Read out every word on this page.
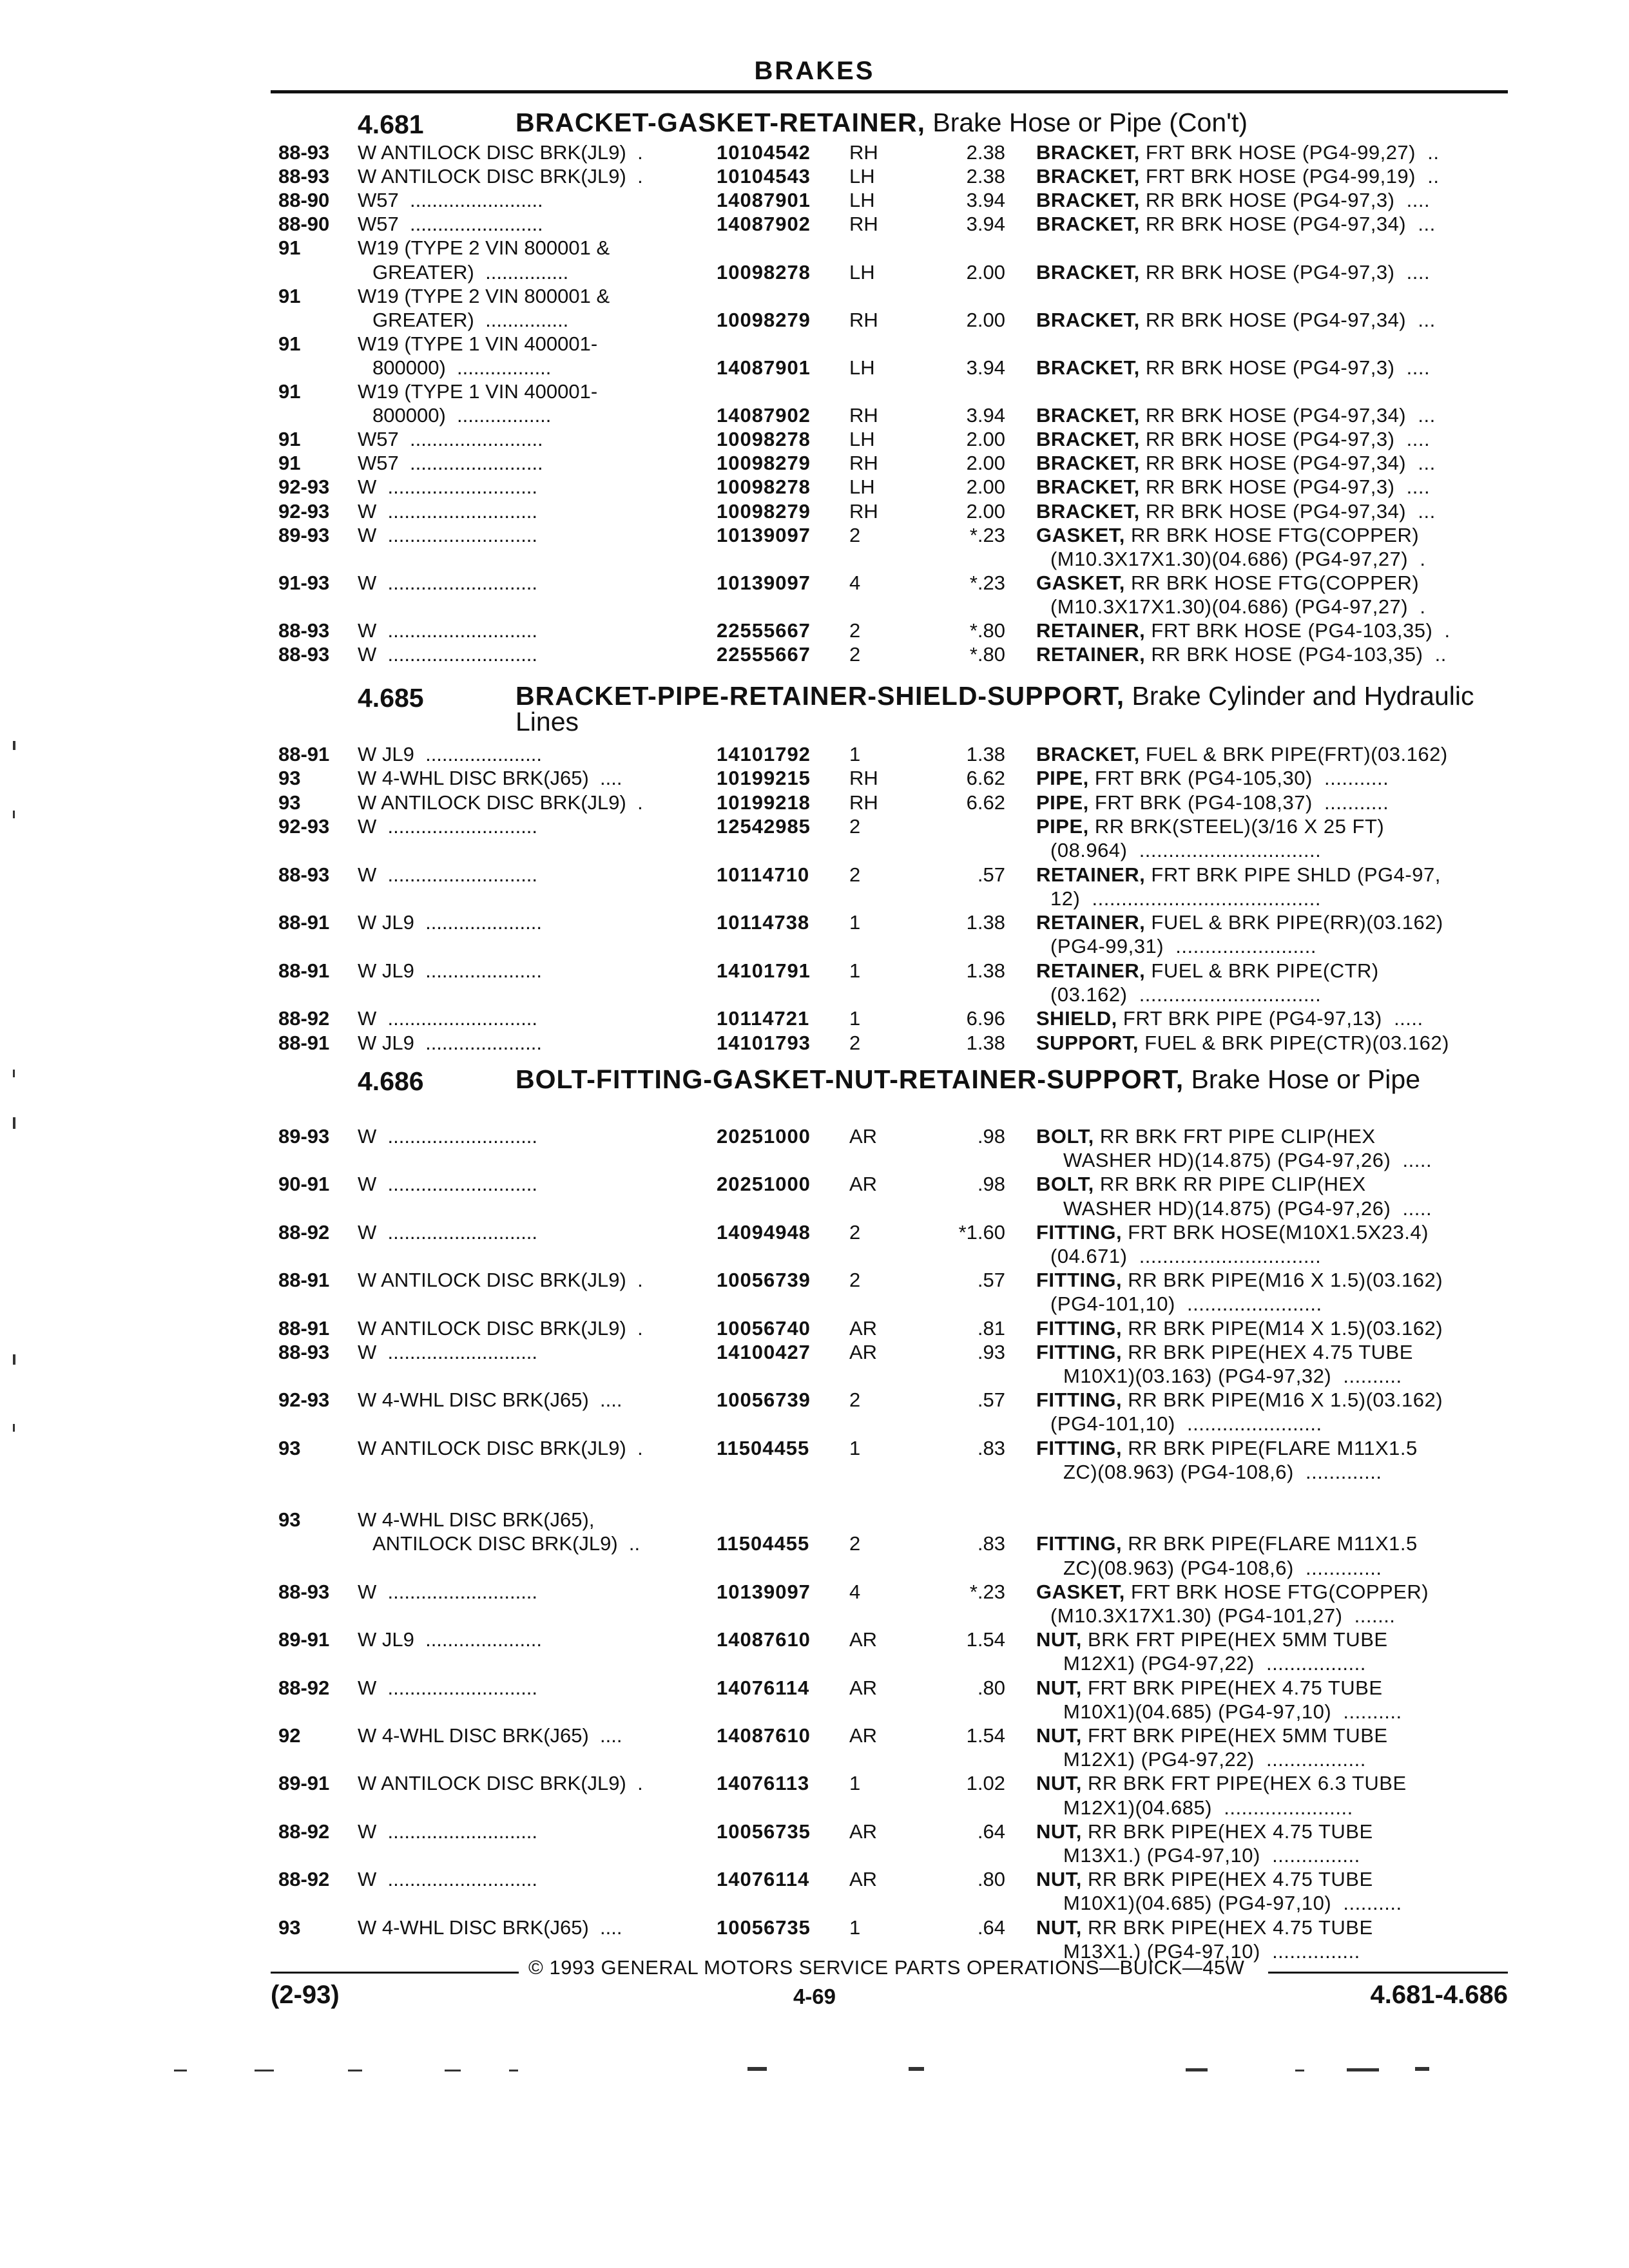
BRAKES
4.681	BRACKET-GASKET-RETAINER, Brake Hose or Pipe (Con't)
88-93 W ANTILOCK DISC BRK(JL9)  .	10104542 RH	2.38 BRACKET, FRT BRK HOSE (PG4-99,27)  ..
88-93 W ANTILOCK DISC BRK(JL9)  .	10104543 LH	2.38 BRACKET, FRT BRK HOSE (PG4-99,19)  ..
88-90 W57  ........................	14087901 LH	3.94 BRACKET, RR BRK HOSE (PG4-97,3)  ....
88-90 W57  ........................	14087902 RH	3.94 BRACKET, RR BRK HOSE (PG4-97,34)  ...
91	W19 (TYPE 2 VIN 800001 &
GREATER)  ...............	10098278 LH	2.00 BRACKET, RR BRK HOSE (PG4-97,3)  ....
91	W19 (TYPE 2 VIN 800001 &
GREATER)  ...............	10098279 RH	2.00 BRACKET, RR BRK HOSE (PG4-97,34)  ...
91	W19 (TYPE 1 VIN 400001-
800000)  .................	14087901 LH	3.94 BRACKET, RR BRK HOSE (PG4-97,3)  ....
91	W19 (TYPE 1 VIN 400001-
800000)  .................	14087902 RH	3.94 BRACKET, RR BRK HOSE (PG4-97,34)  ...
91	W57  ........................	10098278 LH	2.00 BRACKET, RR BRK HOSE (PG4-97,3)  ....
91	W57  ........................	10098279 RH	2.00 BRACKET, RR BRK HOSE (PG4-97,34)  ...
92-93 W  ...........................	10098278 LH	2.00 BRACKET, RR BRK HOSE (PG4-97,3)  ....
92-93 W  ...........................	10098279 RH	2.00 BRACKET, RR BRK HOSE (PG4-97,34)  ...
89-93 W  ...........................	10139097 2	*.23 GASKET, RR BRK HOSE FTG(COPPER)
(M10.3X17X1.30)(04.686) (PG4-97,27)  .
91-93 W  ...........................	10139097 4	*.23 GASKET, RR BRK HOSE FTG(COPPER)
(M10.3X17X1.30)(04.686) (PG4-97,27)  .
88-93 W  ...........................	22555667 2	*.80 RETAINER, FRT BRK HOSE (PG4-103,35)  .
88-93 W  ...........................	22555667 2	*.80 RETAINER, RR BRK HOSE (PG4-103,35)  ..
4.685	BRACKET-PIPE-RETAINER-SHIELD-SUPPORT, Brake Cylinder and Hydraulic Lines
88-91 W JL9  .....................	14101792 1	1.38 BRACKET, FUEL & BRK PIPE(FRT)(03.162)
93	W 4-WHL DISC BRK(J65)  ....	10199215 RH	6.62 PIPE, FRT BRK (PG4-105,30)  ...........
93	W ANTILOCK DISC BRK(JL9)  .	10199218 RH	6.62 PIPE, FRT BRK (PG4-108,37)  ...........
92-93 W  ...........................	12542985 2	PIPE, RR BRK(STEEL)(3/16 X 25 FT)
(08.964)  ...............................
88-93 W  ...........................	10114710 2	.57 RETAINER, FRT BRK PIPE SHLD (PG4-97,
12)  .......................................
88-91 W JL9  .....................	10114738 1	1.38 RETAINER, FUEL & BRK PIPE(RR)(03.162)
(PG4-99,31)  ........................
88-91 W JL9  .....................	14101791 1	1.38 RETAINER, FUEL & BRK PIPE(CTR)
(03.162)  ...............................
88-92 W  ...........................	10114721 1	6.96 SHIELD, FRT BRK PIPE (PG4-97,13)  .....
88-91 W JL9  .....................	14101793 2	1.38 SUPPORT, FUEL & BRK PIPE(CTR)(03.162)
4.686	BOLT-FITTING-GASKET-NUT-RETAINER-SUPPORT, Brake Hose or Pipe
89-93 W  ...........................	20251000 AR	.98 BOLT, RR BRK FRT PIPE CLIP(HEX
WASHER HD)(14.875) (PG4-97,26)  .....
90-91 W  ...........................	20251000 AR	.98 BOLT, RR BRK RR PIPE CLIP(HEX
WASHER HD)(14.875) (PG4-97,26)  .....
88-92 W  ...........................	14094948 2	*1.60 FITTING, FRT BRK HOSE(M10X1.5X23.4)
(04.671)  ...............................
88-91 W ANTILOCK DISC BRK(JL9)  .	10056739 2	.57 FITTING, RR BRK PIPE(M16 X 1.5)(03.162)
(PG4-101,10)  .......................
88-91 W ANTILOCK DISC BRK(JL9)  .	10056740 AR	.81 FITTING, RR BRK PIPE(M14 X 1.5)(03.162)
88-93 W  ...........................	14100427 AR	.93 FITTING, RR BRK PIPE(HEX 4.75 TUBE
M10X1)(03.163) (PG4-97,32)  ..........
92-93 W 4-WHL DISC BRK(J65)  ....	10056739 2	.57 FITTING, RR BRK PIPE(M16 X 1.5)(03.162)
(PG4-101,10)  .......................
93	W ANTILOCK DISC BRK(JL9)  .	11504455 1	.83 FITTING, RR BRK PIPE(FLARE M11X1.5
ZC)(08.963) (PG4-108,6)  .............
93	W 4-WHL DISC BRK(J65),
ANTILOCK DISC BRK(JL9)  ..	11504455 2	.83 FITTING, RR BRK PIPE(FLARE M11X1.5
ZC)(08.963) (PG4-108,6)  .............
88-93 W  ...........................	10139097 4	*.23 GASKET, FRT BRK HOSE FTG(COPPER)
(M10.3X17X1.30) (PG4-101,27)  .......
89-91 W JL9  .....................	14087610 AR	1.54 NUT, BRK FRT PIPE(HEX 5MM TUBE
M12X1) (PG4-97,22)  .................
88-92 W  ...........................	14076114 AR	.80 NUT, FRT BRK PIPE(HEX 4.75 TUBE
M10X1)(04.685) (PG4-97,10)  ..........
92	W 4-WHL DISC BRK(J65)  ....	14087610 AR	1.54 NUT, FRT BRK PIPE(HEX 5MM TUBE
M12X1) (PG4-97,22)  .................
89-91 W ANTILOCK DISC BRK(JL9)  .	14076113 1	1.02 NUT, RR BRK FRT PIPE(HEX 6.3 TUBE
M12X1)(04.685)  ......................
88-92 W  ...........................	10056735 AR	.64 NUT, RR BRK PIPE(HEX 4.75 TUBE
M13X1.) (PG4-97,10)  ...............
88-92 W  ...........................	14076114 AR	.80 NUT, RR BRK PIPE(HEX 4.75 TUBE
M10X1)(04.685) (PG4-97,10)  ..........
93	W 4-WHL DISC BRK(J65)  ....	10056735 1	.64 NUT, RR BRK PIPE(HEX 4.75 TUBE
M13X1.) (PG4-97,10)  ...............
© 1993 GENERAL MOTORS SERVICE PARTS OPERATIONS—BUICK—45W
(2-93)	4-69	4.681-4.686
